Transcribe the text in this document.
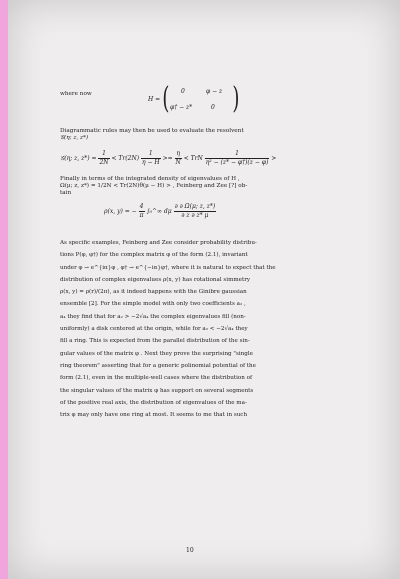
where now
H = ( 0	φ − z
φ† − z*	0 )
Diagrammatic rules may then be used to evaluate the resolvent
𝒢(η; z, z*)
𝒢(η; z, $z*) = \frac{1}{2N} < Tr(2N) \frac{1}{\eta - H} >= \frac{\eta}{N}$ < TrN $\frac{1}{\text{η² − (z* − φ†)(z − φ)}}$ >
Finally in terms of the integrated density of eigenvalues of H ,
Ω(μ; z, z*) = 1/2N < Tr(2N)θ(μ − H) > , Feinberg and Zee [?] ob-
tain
ρ(x, y) = − $\frac{4}{\pi}$ ∫₀^∞ dμ $\frac{\partial \partial \Omega(\mu; z, z*)}{\partial z \partial z* \mu}$
As specific examples, Feinberg and Zee consider probability distribu-
tions P(φ, φ†) for the complex matrix φ of the form (2.1), invariant
under φ → e^{iα}φ , φ† → e^{−iα}φ†, where it is natural to expect that the
distribution of complex eigenvalues ρ(x, y) has rotational simmetry
ρ(x, y) = ρ(r)/(2π), as it indeed happens with the Ginibre gaussian
ensemble [2]. For the simple model with only two coefficients a₂ ,
a₄ they find that for a₂ > −2√a₄ the complex eigenvalues fill (non-
uniformly) a disk centered at the origin, while for a₂ < −2√a₄ they
fill a ring. This is expected from the parallel distribution of the sin-
gular values of the matrix φ . Next they prove the surprising "single
ring theorem" asserting that for a generic polinomial potential of the
form (2.1), even in the multiple-well cases where the distribution of
the singular values of the matrix φ has support on several segments
of the positive real axis, the distribution of eigenvalues of the ma-
trix φ may only have one ring at most. It seems to me that in such
10
